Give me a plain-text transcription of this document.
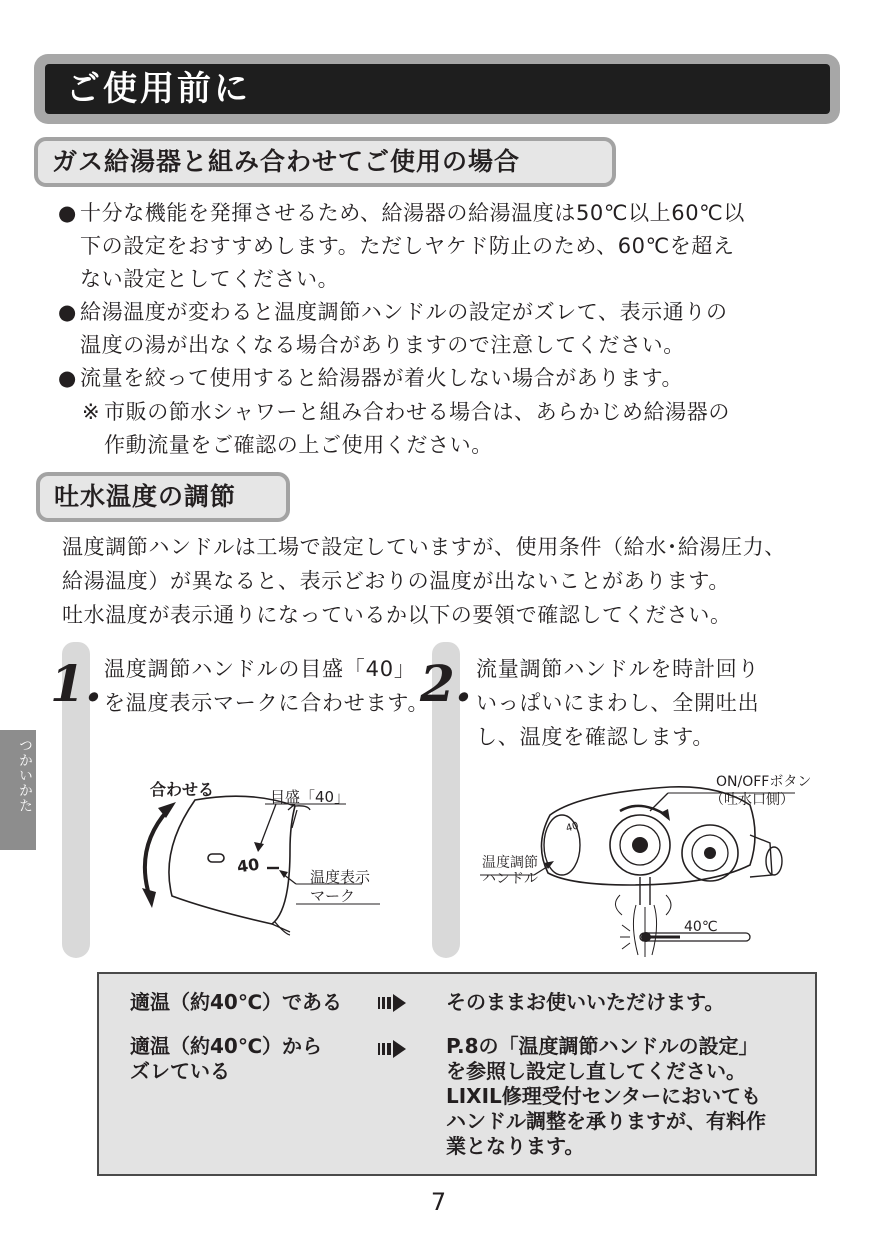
ご使用前に
ガス給湯器と組み合わせてご使用の場合
● 十分な機能を発揮させるため、給湯器の給湯温度は50℃以上60℃以
下の設定をおすすめします。ただしヤケド防止のため、60℃を超え
ない設定としてください。
● 給湯温度が変わると温度調節ハンドルの設定がズレて、表示通りの
温度の湯が出なくなる場合がありますので注意してください。
● 流量を絞って使用すると給湯器が着火しない場合があります。
※ 市販の節水シャワーと組み合わせる場合は、あらかじめ給湯器の
作動流量をご確認の上ご使用ください。
吐水温度の調節
温度調節ハンドルは工場で設定していますが、使用条件（給水･給湯圧力、
給湯温度）が異なると、表示どおりの温度が出ないことがあります。
吐水温度が表示通りになっているか以下の要領で確認してください。
つかいかた
1. 温度調節ハンドルの目盛「40」
を温度表示マークに合わせます。
合わせる	目盛「40」
40
温度表示
マーク
2. 流量調節ハンドルを時計回り
いっぱいにまわし、全開吐出
し、温度を確認します。
ON/OFFボタン
（吐水口側）
温度調節
ハンドル
40
40℃
適温（約40℃）である	そのままお使いいただけます。
適温（約40℃）から
ズレている
P.8の「温度調節ハンドルの設定」
を参照し設定し直してください。
LIXIL修理受付センターにおいても
ハンドル調整を承りますが、有料作
業となります。
7
